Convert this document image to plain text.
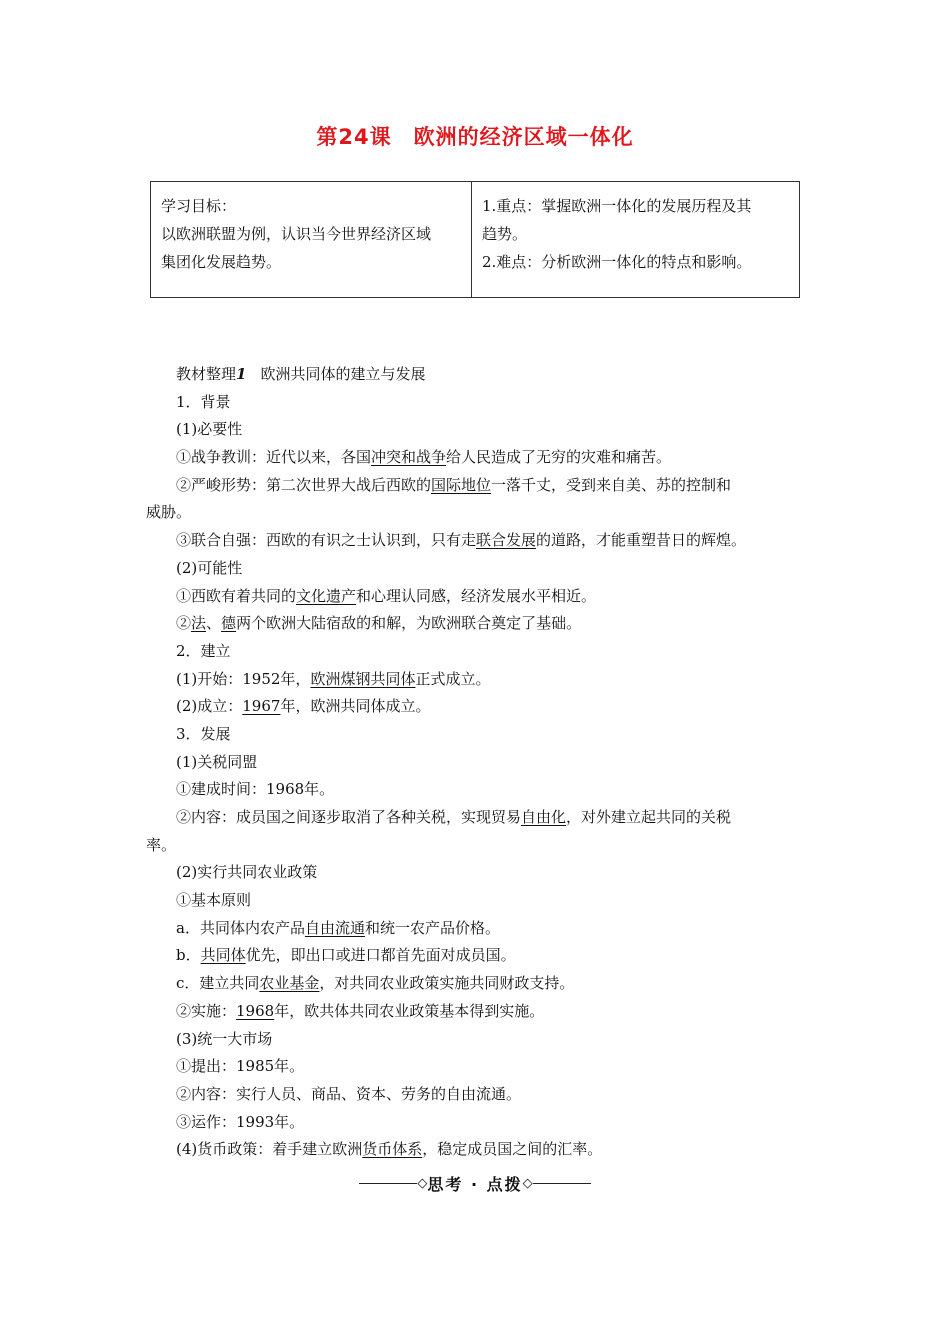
第24课 欧洲的经济区域一体化
学习目标：
以欧洲联盟为例，认识当今世界经济区域
集团化发展趋势。

1.重点：掌握欧洲一体化的发展历程及其
趋势。
2.难点：分析欧洲一体化的特点和影响。
教材整理1 欧洲共同体的建立与发展
1．背景
(1)必要性
①战争教训：近代以来，各国冲突和战争给人民造成了无穷的灾难和痛苦。
②严峻形势：第二次世界大战后西欧的国际地位一落千丈，受到来自美、苏的控制和
威胁。
③联合自强：西欧的有识之士认识到，只有走联合发展的道路，才能重塑昔日的辉煌。
(2)可能性
①西欧有着共同的文化遗产和心理认同感，经济发展水平相近。
②法、德两个欧洲大陆宿敌的和解，为欧洲联合奠定了基础。
2．建立
(1)开始：1952年，欧洲煤钢共同体正式成立。
(2)成立：1967年，欧洲共同体成立。
3．发展
(1)关税同盟
①建成时间：1968年。
②内容：成员国之间逐步取消了各种关税，实现贸易自由化，对外建立起共同的关税
率。
(2)实行共同农业政策
①基本原则
a．共同体内农产品自由流通和统一农产品价格。
b．共同体优先，即出口或进口都首先面对成员国。
c．建立共同农业基金，对共同农业政策实施共同财政支持。
②实施：1968年，欧共体共同农业政策基本得到实施。
(3)统一大市场
①提出：1985年。
②内容：实行人员、商品、资本、劳务的自由流通。
③运作：1993年。
(4)货币政策：着手建立欧洲货币体系，稳定成员国之间的汇率。
◇思考 · 点拨◇
